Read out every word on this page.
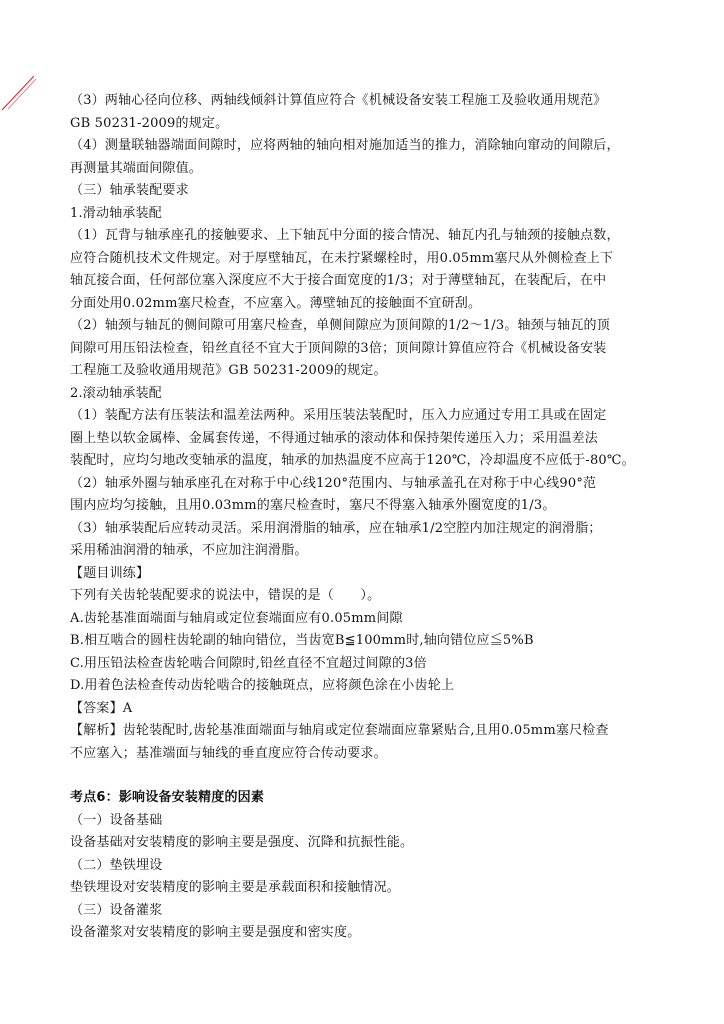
（3）两轴心径向位移、两轴线倾斜计算值应符合《机械设备安装工程施工及验收通用规范》
GB 50231-2009的规定。
（4）测量联轴器端面间隙时，应将两轴的轴向相对施加适当的推力，消除轴向窜动的间隙后，
再测量其端面间隙值。
（三）轴承装配要求
1.滑动轴承装配
（1）瓦背与轴承座孔的接触要求、上下轴瓦中分面的接合情况、轴瓦内孔与轴颈的接触点数，
应符合随机技术文件规定。对于厚壁轴瓦，在未拧紧螺栓时，用0.05mm塞尺从外侧检查上下
轴瓦接合面，任何部位塞入深度应不大于接合面宽度的1/3；对于薄壁轴瓦，在装配后，在中
分面处用0.02mm塞尺检查，不应塞入。薄壁轴瓦的接触面不宜研刮。
（2）轴颈与轴瓦的侧间隙可用塞尺检查，单侧间隙应为顶间隙的1/2～1/3。轴颈与轴瓦的顶
间隙可用压铅法检查，铅丝直径不宜大于顶间隙的3倍；顶间隙计算值应符合《机械设备安装
工程施工及验收通用规范》GB 50231-2009的规定。
2.滚动轴承装配
（1）装配方法有压装法和温差法两种。采用压装法装配时，压入力应通过专用工具或在固定
圈上垫以软金属棒、金属套传递，不得通过轴承的滚动体和保持架传递压入力；采用温差法
装配时，应均匀地改变轴承的温度，轴承的加热温度不应高于120℃，冷却温度不应低于-80℃。
（2）轴承外圈与轴承座孔在对称于中心线120°范围内、与轴承盖孔在对称于中心线90°范
围内应均匀接触，且用0.03mm的塞尺检查时，塞尺不得塞入轴承外圈宽度的1/3。
（3）轴承装配后应转动灵活。采用润滑脂的轴承，应在轴承1/2空腔内加注规定的润滑脂；
采用稀油润滑的轴承，不应加注润滑脂。
【题目训练】
下列有关齿轮装配要求的说法中，错误的是（　　）。
A.齿轮基准面端面与轴肩或定位套端面应有0.05mm间隙
B.相互啮合的圆柱齿轮副的轴向错位，当齿宽B≦100mm时,轴向错位应≦5%B
C.用压铅法检查齿轮啮合间隙时,铅丝直径不宜超过间隙的3倍
D.用着色法检查传动齿轮啮合的接触斑点，应将颜色涂在小齿轮上
【答案】A
【解析】齿轮装配时,齿轮基准面端面与轴肩或定位套端面应靠紧贴合,且用0.05mm塞尺检查
不应塞入；基准端面与轴线的垂直度应符合传动要求。
考点6：影响设备安装精度的因素
（一）设备基础
设备基础对安装精度的影响主要是强度、沉降和抗振性能。
（二）垫铁埋设
垫铁埋设对安装精度的影响主要是承载面积和接触情况。
（三）设备灌浆
设备灌浆对安装精度的影响主要是强度和密实度。
